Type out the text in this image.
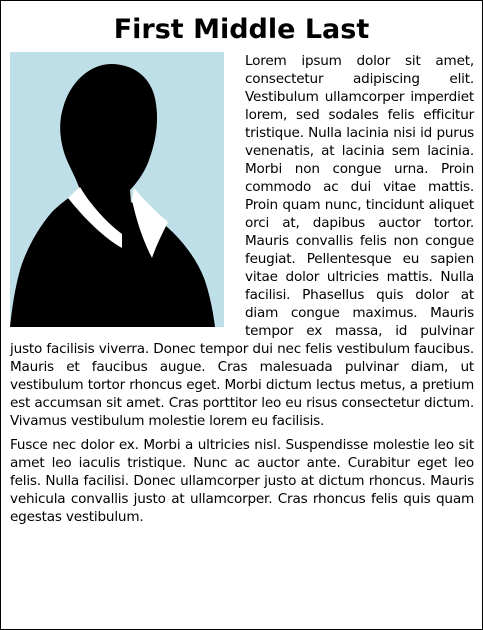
First Middle Last

Lorem ipsum dolor sit amet, consectetur adipiscing elit. Vestibulum ullamcorper imperdiet lorem, sed sodales felis efficitur tristique. Nulla lacinia nisi id purus venenatis, at lacinia sem lacinia. Morbi non congue urna. Proin commodo ac dui vitae mattis. Proin quam nunc, tincidunt aliquet orci at, dapibus auctor tortor. Mauris convallis felis non congue feugiat. Pellentesque eu sapien vitae dolor ultricies mattis. Nulla facilisi. Phasellus quis dolor at diam congue maximus. Mauris tempor ex massa, id pulvinar justo facilisis viverra. Donec tempor dui nec felis vestibulum faucibus. Mauris et faucibus augue. Cras malesuada pulvinar diam, ut vestibulum tortor rhoncus eget. Morbi dictum lectus metus, a pretium est accumsan sit amet. Cras porttitor leo eu risus consectetur dictum. Vivamus vestibulum molestie lorem eu facilisis.

Fusce nec dolor ex. Morbi a ultricies nisl. Suspendisse molestie leo sit amet leo iaculis tristique. Nunc ac auctor ante. Curabitur eget leo felis. Nulla facilisi. Donec ullamcorper justo at dictum rhoncus. Mauris vehicula convallis justo at ullamcorper. Cras rhoncus felis quis quam egestas vestibulum.
